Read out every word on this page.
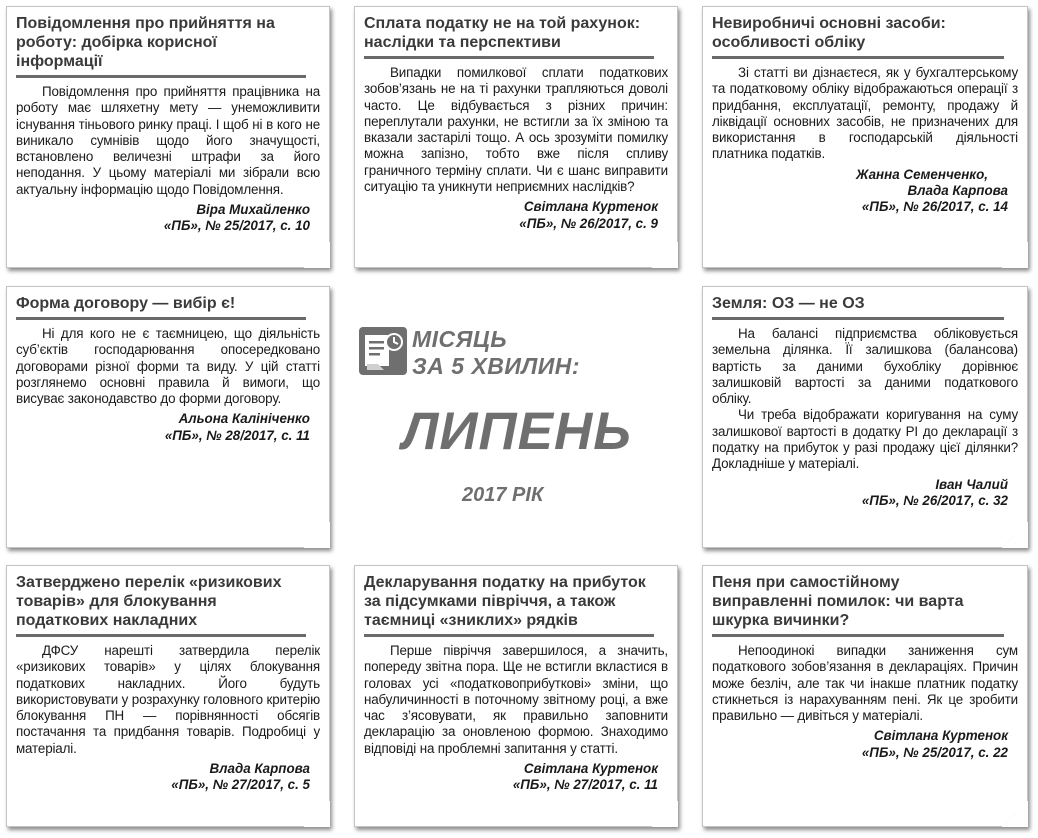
Повідомлення про прийняття на роботу: добірка корисної інформації
Повідомлення про прийняття працівника на роботу має шляхетну мету — унеможливити існування тіньового ринку праці. І щоб ні в кого не виникало сумнівів щодо його значущості, встановлено величезні штрафи за його неподання. У цьому матеріалі ми зібрали всю актуальну інформацію щодо Повідомлення.
Віра Михайленко
«ПБ», № 25/2017, с. 10
Сплата податку не на той рахунок: наслідки та перспективи
Випадки помилкової сплати податкових зобов’язань не на ті рахунки трапляються доволі часто. Це відбувається з різних причин: переплутали рахунки, не встигли за їх зміною та вказали застарілі тощо. А ось зрозуміти помилку можна запізно, тобто вже після спливу граничного терміну сплати. Чи є шанс виправити ситуацію та уникнути неприємних наслідків?
Світлана Куртенок
«ПБ», № 26/2017, с. 9
Невиробничі основні засоби: особливості обліку
Зі статті ви дізнаєтеся, як у бухгалтерському та податковому обліку відображаються операції з придбання, експлуатації, ремонту, продажу й ліквідації основних засобів, не призначених для використання в господарській діяльності платника податків.
Жанна Семенченко,
Влада Карпова
«ПБ», № 26/2017, с. 14
Форма договору — вибір є!
Ні для кого не є таємницею, що діяльність суб’єктів господарювання опосередковано договорами різної форми та виду. У цій статті розглянемо основні правила й вимоги, що висуває законодавство до форми договору.
Альона Калініченко
«ПБ», № 28/2017, с. 11
МІСЯЦЬ
ЗА 5 ХВИЛИН:
ЛИПЕНЬ
2017 РІК
Земля: ОЗ — не ОЗ
На балансі підприємства обліковується земельна ділянка. Її залишкова (балансова) вартість за даними бухобліку дорівнює залишковій вартості за даними податкового обліку.
Чи треба відображати коригування на суму залишкової вартості в додатку РІ до декларації з податку на прибуток у разі продажу цієї ділянки? Докладніше у матеріалі.
Іван Чалий
«ПБ», № 26/2017, с. 32
Затверджено перелік «ризикових товарів» для блокування податкових накладних
ДФСУ нарешті затвердила перелік «ризикових товарів» у цілях блокування податкових накладних. Його будуть використовувати у розрахунку головного критерію блокування ПН — порівнянності обсягів постачання та придбання товарів. Подробиці у матеріалі.
Влада Карпова
«ПБ», № 27/2017, с. 5
Декларування податку на прибуток за підсумками півріччя, а також таємниці «зниклих» рядків
Перше півріччя завершилося, а значить, попереду звітна пора. Ще не встигли вкластися в головах усі «податковоприбуткові» зміни, що набуличинності в поточному звітному році, а вже час з’ясовувати, як правильно заповнити декларацію за оновленою формою. Знаходимо відповіді на проблемні запитання у статті.
Світлана Куртенок
«ПБ», № 27/2017, с. 11
Пеня при самостійному виправленні помилок: чи варта шкурка вичинки?
Непоодинокі випадки заниження сум податкового зобов’язання в деклараціях. Причин може безліч, але так чи інакше платник податку стикнеться із нарахуванням пені. Як це зробити правильно — дивіться у матеріалі.
Світлана Куртенок
«ПБ», № 25/2017, с. 22
